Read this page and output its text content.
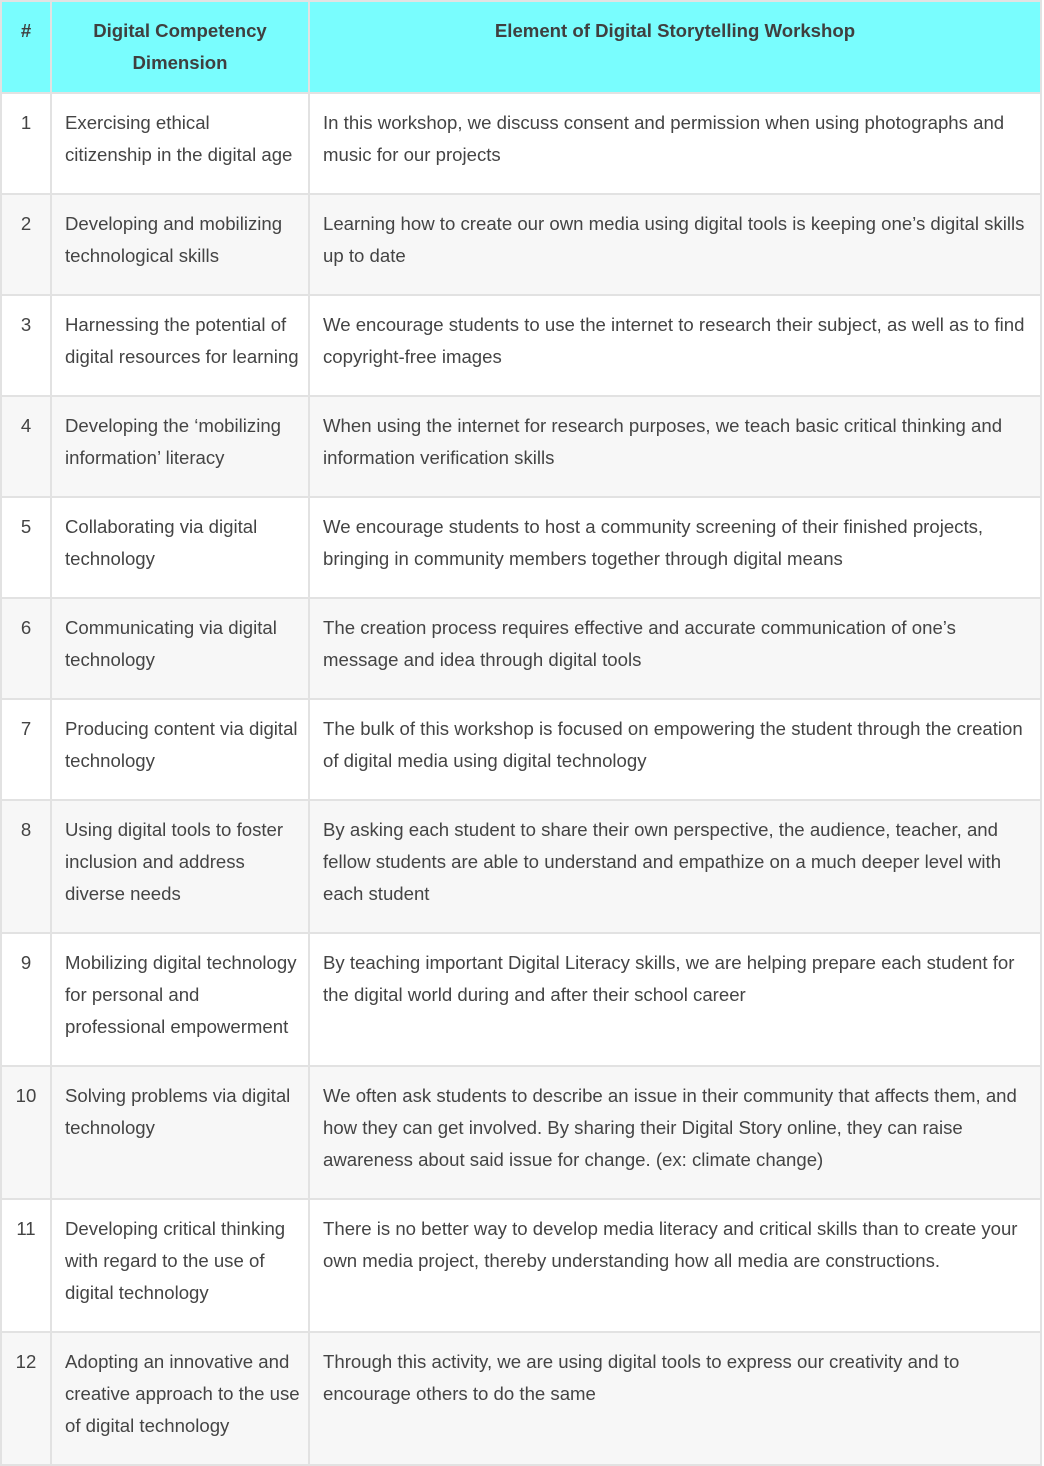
#	Digital Competency Dimension	Element of Digital Storytelling Workshop
1	Exercising ethical citizenship in the digital age	In this workshop, we discuss consent and permission when using photographs and music for our projects
2	Developing and mobilizing technological skills	Learning how to create our own media using digital tools is keeping one’s digital skills up to date
3	Harnessing the potential of digital resources for learning	We encourage students to use the internet to research their subject, as well as to find copyright-free images
4	Developing the ‘mobilizing information’ literacy	When using the internet for research purposes, we teach basic critical thinking and information verification skills
5	Collaborating via digital technology	We encourage students to host a community screening of their finished projects, bringing in community members together through digital means
6	Communicating via digital technology	The creation process requires effective and accurate communication of one’s message and idea through digital tools
7	Producing content via digital technology	The bulk of this workshop is focused on empowering the student through the creation of digital media using digital technology
8	Using digital tools to foster inclusion and address diverse needs	By asking each student to share their own perspective, the audience, teacher, and fellow students are able to understand and empathize on a much deeper level with each student
9	Mobilizing digital technology for personal and professional empowerment	By teaching important Digital Literacy skills, we are helping prepare each student for the digital world during and after their school career
10	Solving problems via digital technology	We often ask students to describe an issue in their community that affects them, and how they can get involved. By sharing their Digital Story online, they can raise awareness about said issue for change. (ex: climate change)
11	Developing critical thinking with regard to the use of digital technology	There is no better way to develop media literacy and critical skills than to create your own media project, thereby understanding how all media are constructions.
12	Adopting an innovative and creative approach to the use of digital technology	Through this activity, we are using digital tools to express our creativity and to encourage others to do the same
